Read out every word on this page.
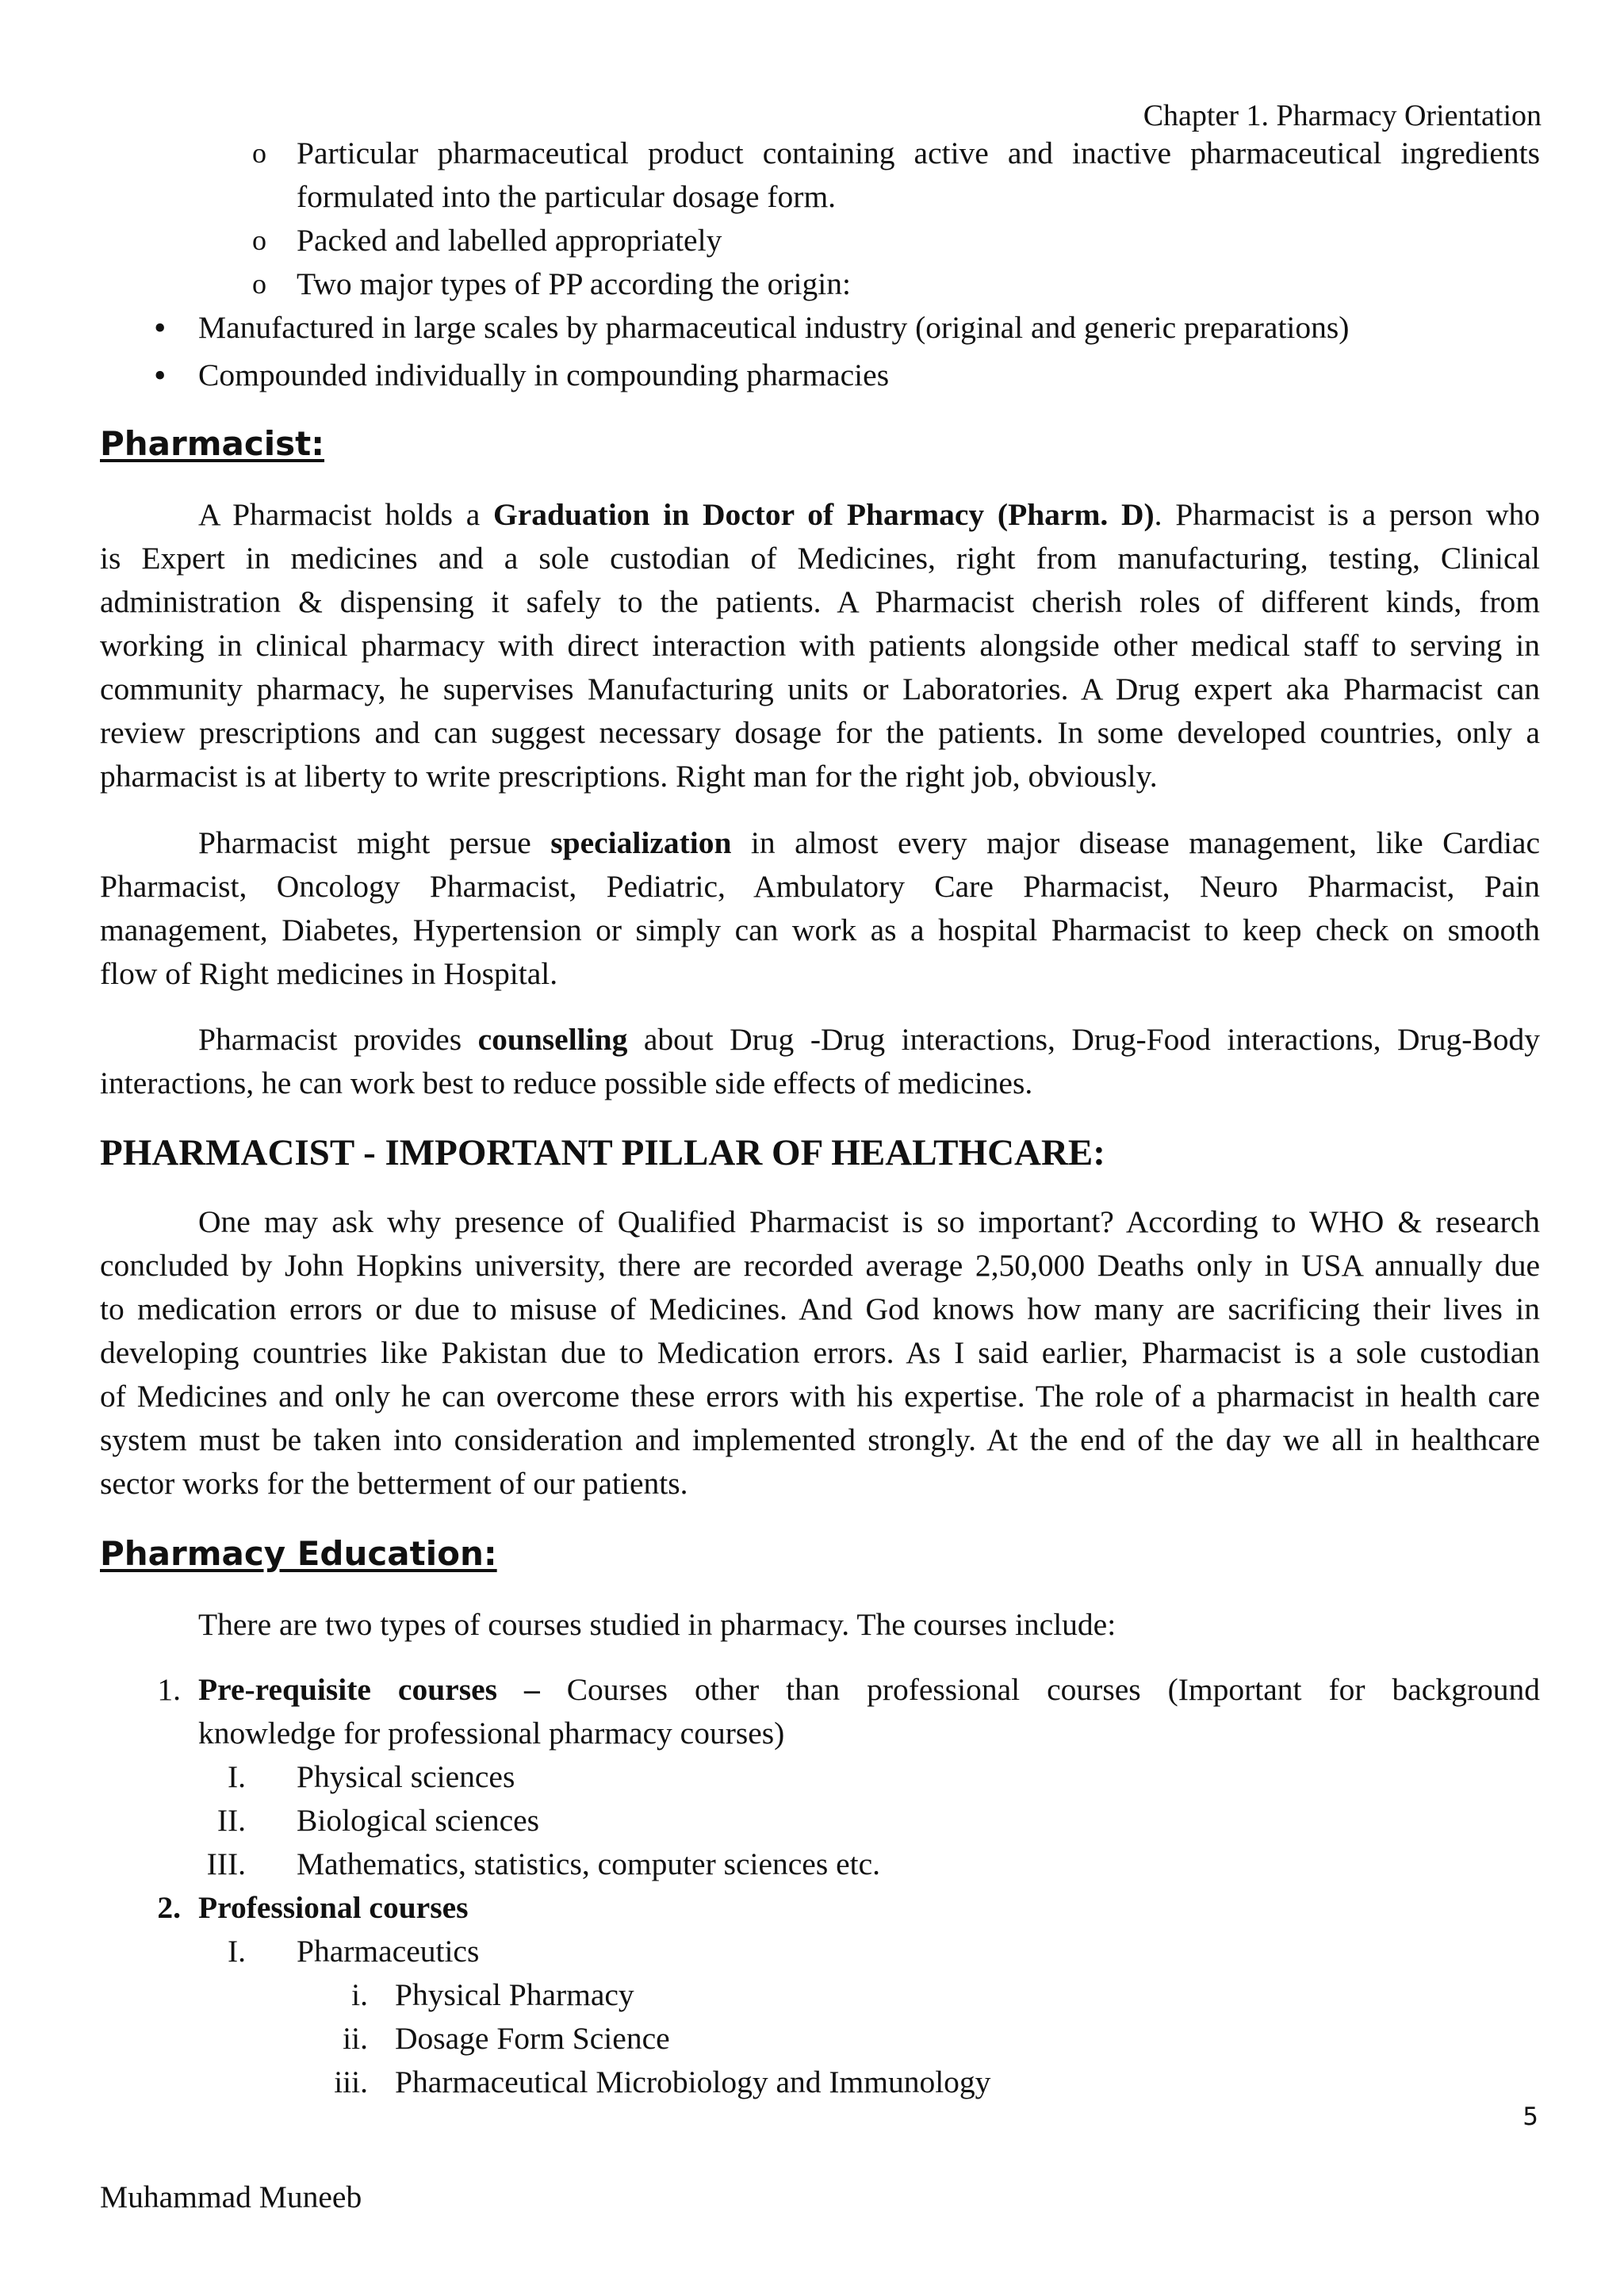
Chapter 1. Pharmacy Orientation
o Particular pharmaceutical product containing active and inactive pharmaceutical ingredients
formulated into the particular dosage form.
o Packed and labelled appropriately
o Two major types of PP according the origin:
• Manufactured in large scales by pharmaceutical industry (original and generic preparations)
• Compounded individually in compounding pharmacies
Pharmacist:
A Pharmacist holds a Graduation in Doctor of Pharmacy (Pharm. D). Pharmacist is a person who
is Expert in medicines and a sole custodian of Medicines, right from manufacturing, testing, Clinical
administration & dispensing it safely to the patients. A Pharmacist cherish roles of different kinds, from
working in clinical pharmacy with direct interaction with patients alongside other medical staff to serving in
community pharmacy, he supervises Manufacturing units or Laboratories. A Drug expert aka Pharmacist can
review prescriptions and can suggest necessary dosage for the patients. In some developed countries, only a
pharmacist is at liberty to write prescriptions. Right man for the right job, obviously.
Pharmacist might persue specialization in almost every major disease management, like Cardiac
Pharmacist, Oncology Pharmacist, Pediatric, Ambulatory Care Pharmacist, Neuro Pharmacist, Pain
management, Diabetes, Hypertension or simply can work as a hospital Pharmacist to keep check on smooth
flow of Right medicines in Hospital.
Pharmacist provides counselling about Drug -Drug interactions, Drug-Food interactions, Drug-Body
interactions, he can work best to reduce possible side effects of medicines.
PHARMACIST - IMPORTANT PILLAR OF HEALTHCARE:
One may ask why presence of Qualified Pharmacist is so important? According to WHO & research
concluded by John Hopkins university, there are recorded average 2,50,000 Deaths only in USA annually due
to medication errors or due to misuse of Medicines. And God knows how many are sacrificing their lives in
developing countries like Pakistan due to Medication errors. As I said earlier, Pharmacist is a sole custodian
of Medicines and only he can overcome these errors with his expertise. The role of a pharmacist in health care
system must be taken into consideration and implemented strongly. At the end of the day we all in healthcare
sector works for the betterment of our patients.
Pharmacy Education:
There are two types of courses studied in pharmacy. The courses include:
1. Pre-requisite courses – Courses other than professional courses (Important for background
knowledge for professional pharmacy courses)
I. Physical sciences
II. Biological sciences
III. Mathematics, statistics, computer sciences etc.
2. Professional courses
I. Pharmaceutics
i. Physical Pharmacy
ii. Dosage Form Science
iii. Pharmaceutical Microbiology and Immunology
5
Muhammad Muneeb
